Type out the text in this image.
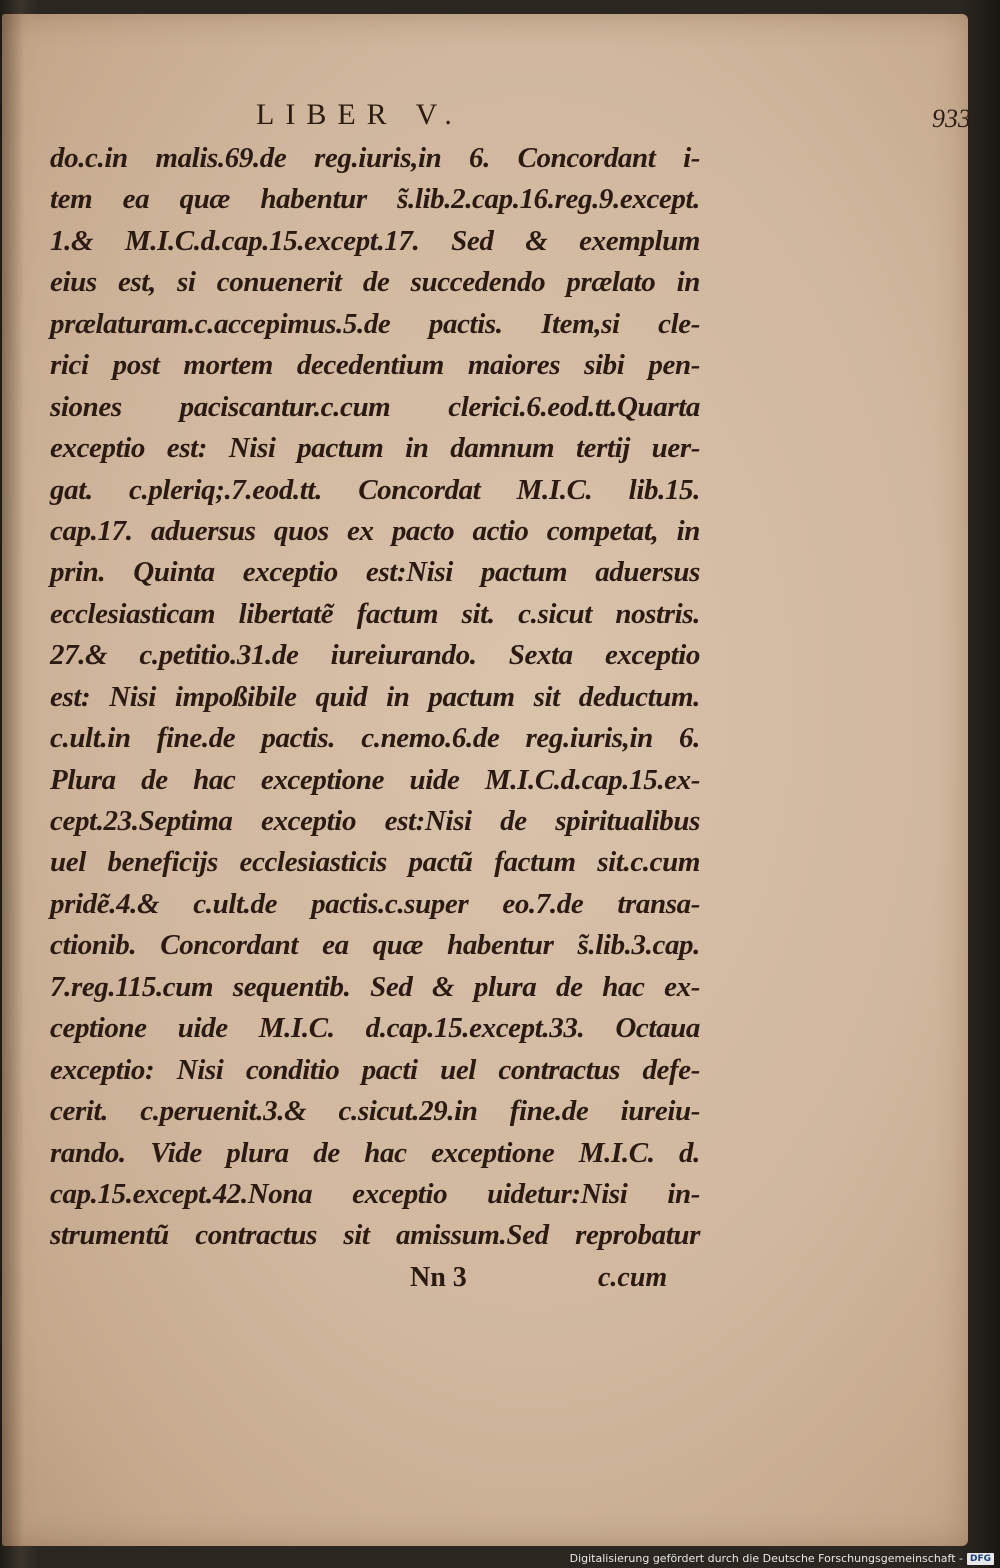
LIBER V.	933
do.c.in malis.69.de reg.iuris,in 6. Concordant i-
tem ea quæ habentur s̃.lib.2.cap.16.reg.9.except.
1.& M.I.C.d.cap.15.except.17. Sed & exemplum
eius est, si conuenerit de succedendo prælato in
prælaturam.c.accepimus.5.de pactis. Item,si cle-
rici post mortem decedentium maiores sibi pen-
siones paciscantur.c.cum clerici.6.eod.tt.Quarta
exceptio est: Nisi pactum in damnum tertij uer-
gat. c.pleriq;.7.eod.tt. Concordat M.I.C. lib.15.
cap.17. aduersus quos ex pacto actio competat, in
prin. Quinta exceptio est:Nisi pactum aduersus
ecclesiasticam libertatẽ factum sit. c.sicut nostris.
27.& c.petitio.31.de iureiurando. Sexta exceptio
est: Nisi impoßibile quid in pactum sit deductum.
c.ult.in fine.de pactis. c.nemo.6.de reg.iuris,in 6.
Plura de hac exceptione uide M.I.C.d.cap.15.ex-
cept.23.Septima exceptio est:Nisi de spiritualibus
uel beneficijs ecclesiasticis pactũ factum sit.c.cum
pridẽ.4.& c.ult.de pactis.c.super eo.7.de transa-
ctionib. Concordant ea quæ habentur s̃.lib.3.cap.
7.reg.115.cum sequentib. Sed & plura de hac ex-
ceptione uide M.I.C. d.cap.15.except.33. Octaua
exceptio: Nisi conditio pacti uel contractus defe-
cerit. c.peruenit.3.& c.sicut.29.in fine.de iureiu-
rando. Vide plura de hac exceptione M.I.C. d.
cap.15.except.42.Nona exceptio uidetur:Nisi in-
strumentũ contractus sit amissum.Sed reprobatur
Nn 3	c.cum
Digitalisierung gefördert durch die Deutsche Forschungsgemeinschaft - DFG
